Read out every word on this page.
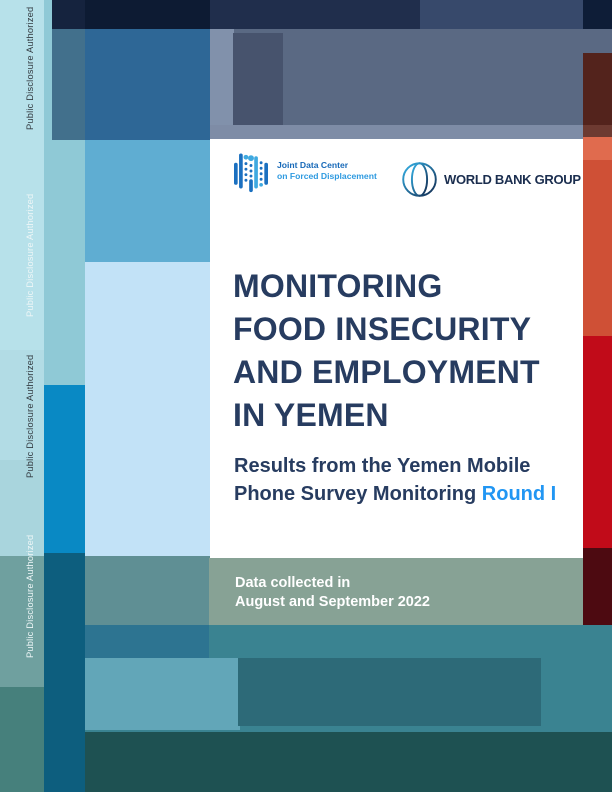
Public Disclosure Authorized
Public Disclosure Authorized
Public Disclosure Authorized
Public Disclosure Authorized
Joint Data Center
on Forced Displacement	WORLD BANK GROUP
MONITORING
FOOD INSECURITY
AND EMPLOYMENT
IN YEMEN
Results from the Yemen Mobile
Phone Survey Monitoring Round I
Data collected in
August and September 2022
